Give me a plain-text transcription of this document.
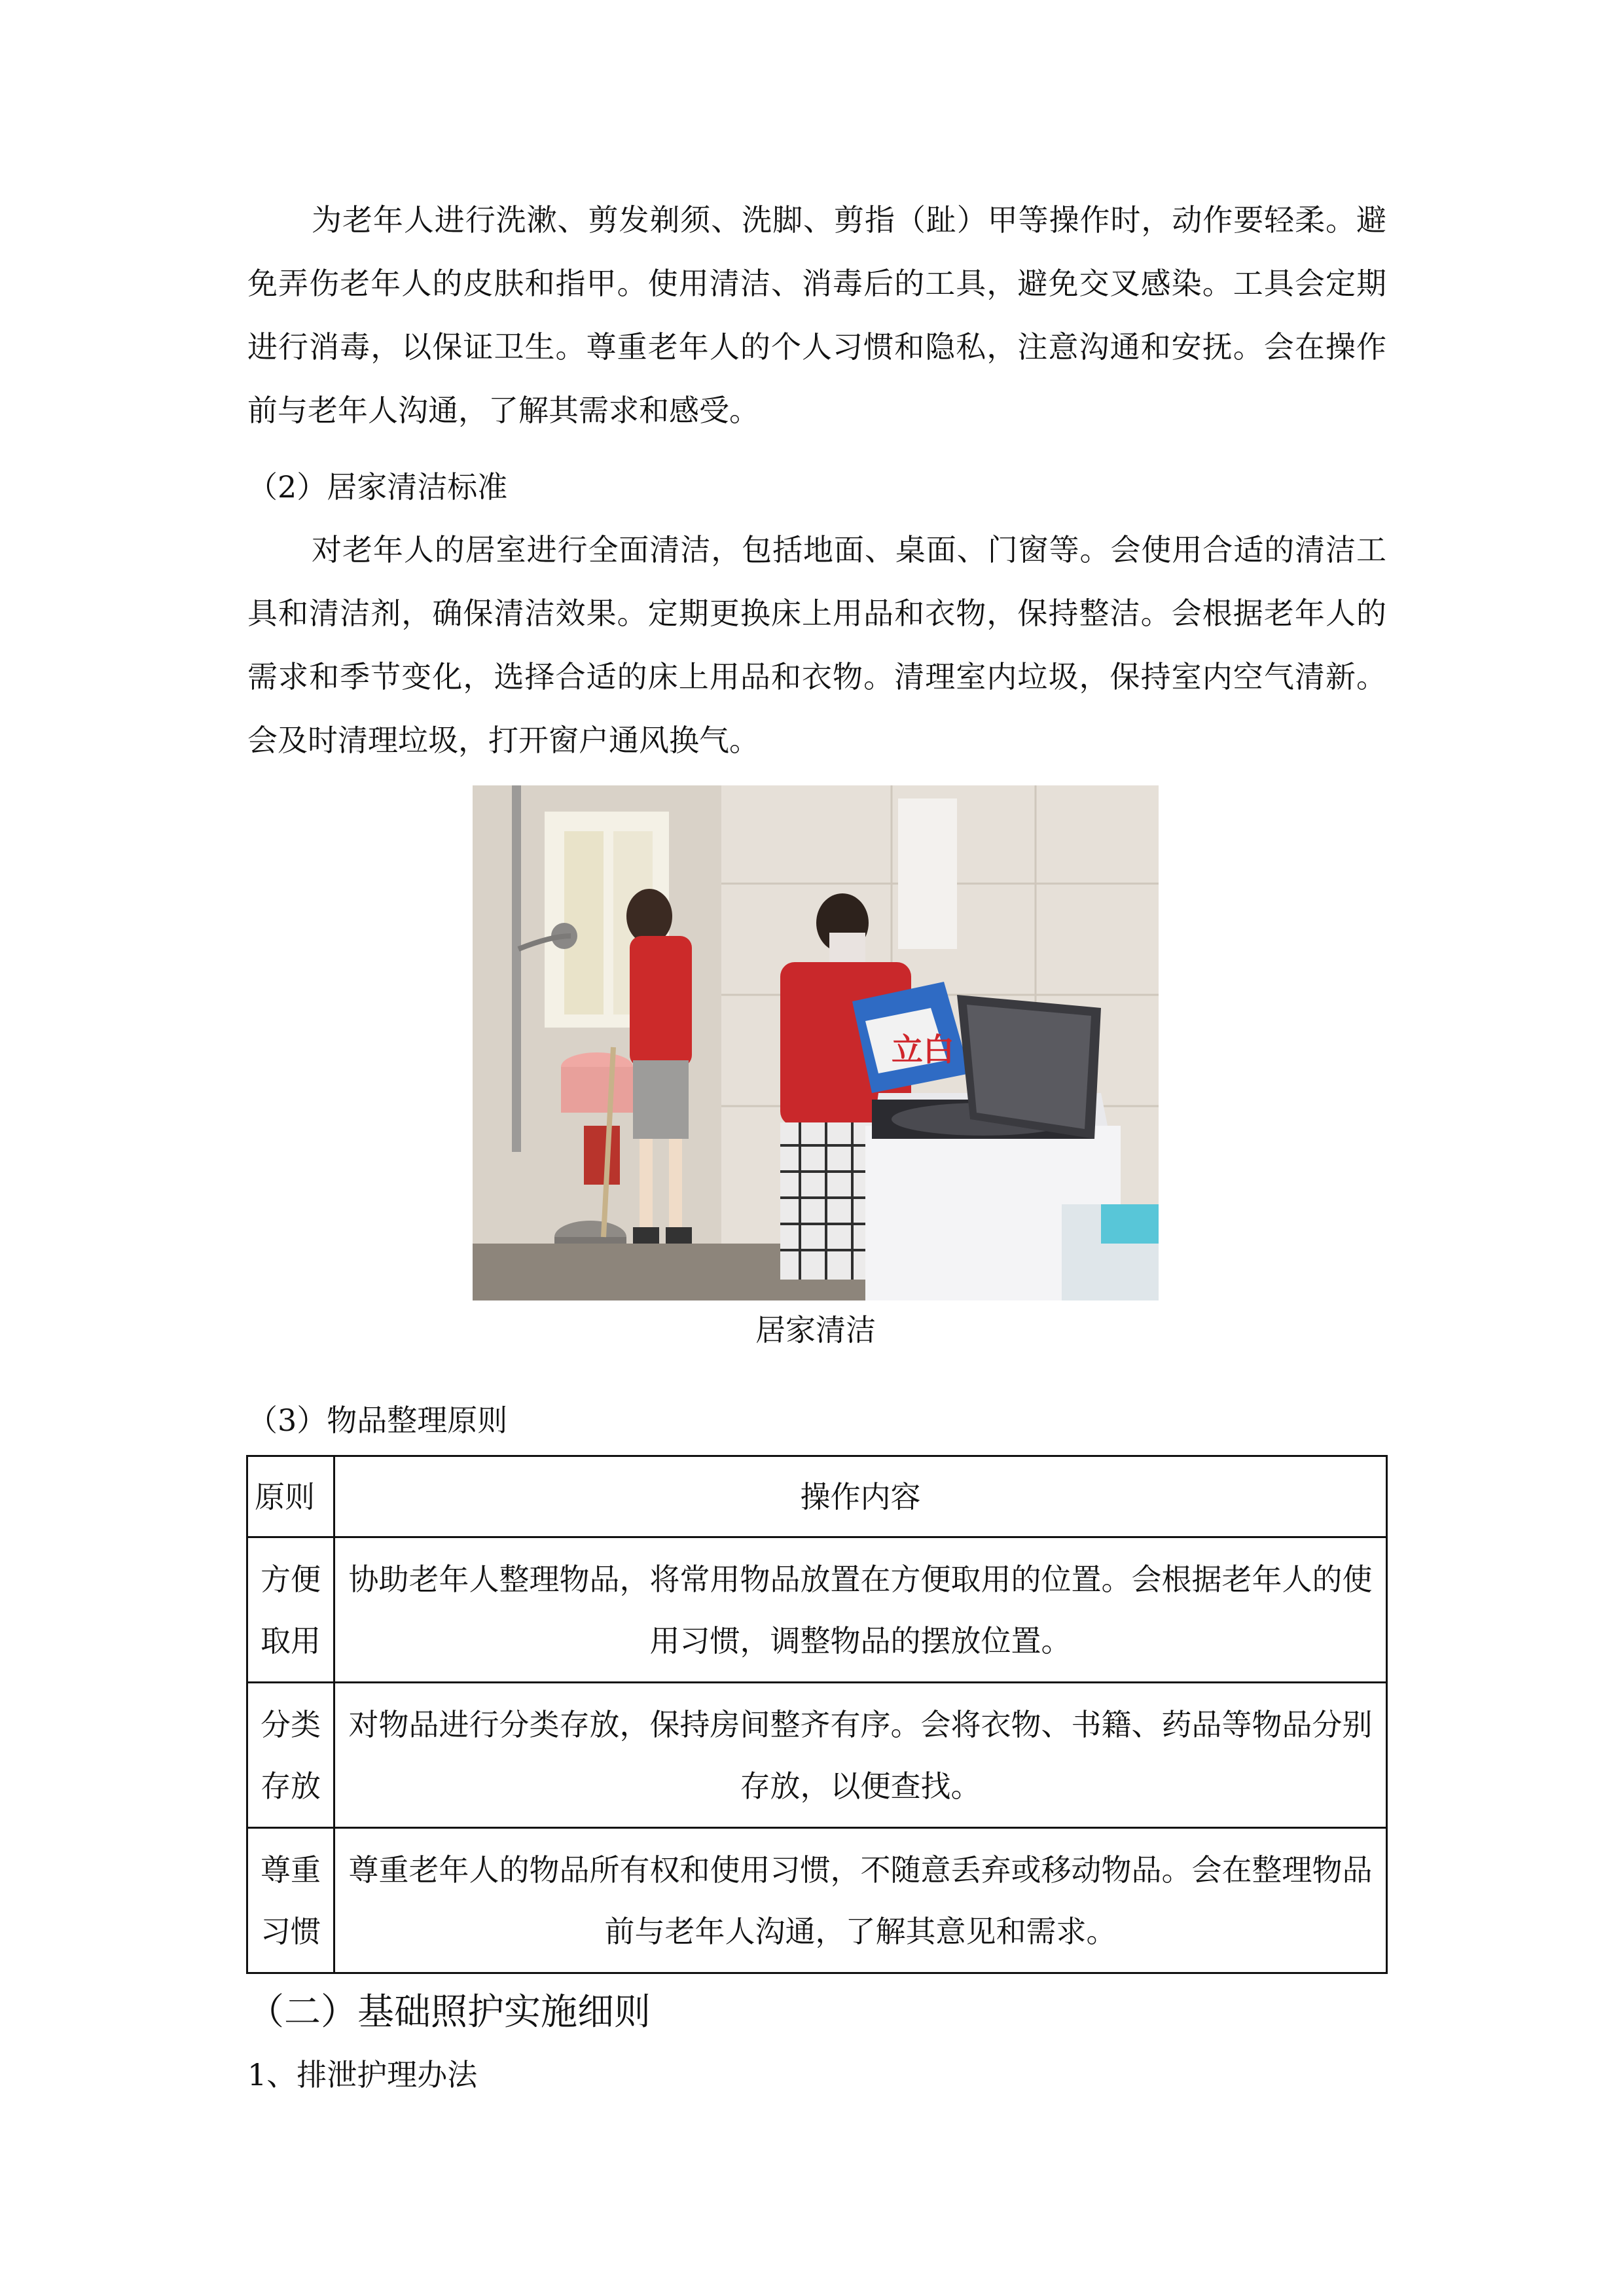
为老年人进行洗漱、剪发剃须、洗脚、剪指（趾）甲等操作时，动作要轻柔。避免弄伤老年人的皮肤和指甲。使用清洁、消毒后的工具，避免交叉感染。工具会定期进行消毒，以保证卫生。尊重老年人的个人习惯和隐私，注意沟通和安抚。会在操作前与老年人沟通，了解其需求和感受。

（2）居家清洁标准

对老年人的居室进行全面清洁，包括地面、桌面、门窗等。会使用合适的清洁工具和清洁剂，确保清洁效果。定期更换床上用品和衣物，保持整洁。会根据老年人的需求和季节变化，选择合适的床上用品和衣物。清理室内垃圾，保持室内空气清新。会及时清理垃圾，打开窗户通风换气。

立白
居家清洁

（3）物品整理原则

原则	操作内容
方便取用	协助老年人整理物品，将常用物品放置在方便取用的位置。会根据老年人的使用习惯，调整物品的摆放位置。
分类存放	对物品进行分类存放，保持房间整齐有序。会将衣物、书籍、药品等物品分别存放，以便查找。
尊重习惯	尊重老年人的物品所有权和使用习惯，不随意丢弃或移动物品。会在整理物品前与老年人沟通，了解其意见和需求。
（二）基础照护实施细则
1、排泄护理办法
